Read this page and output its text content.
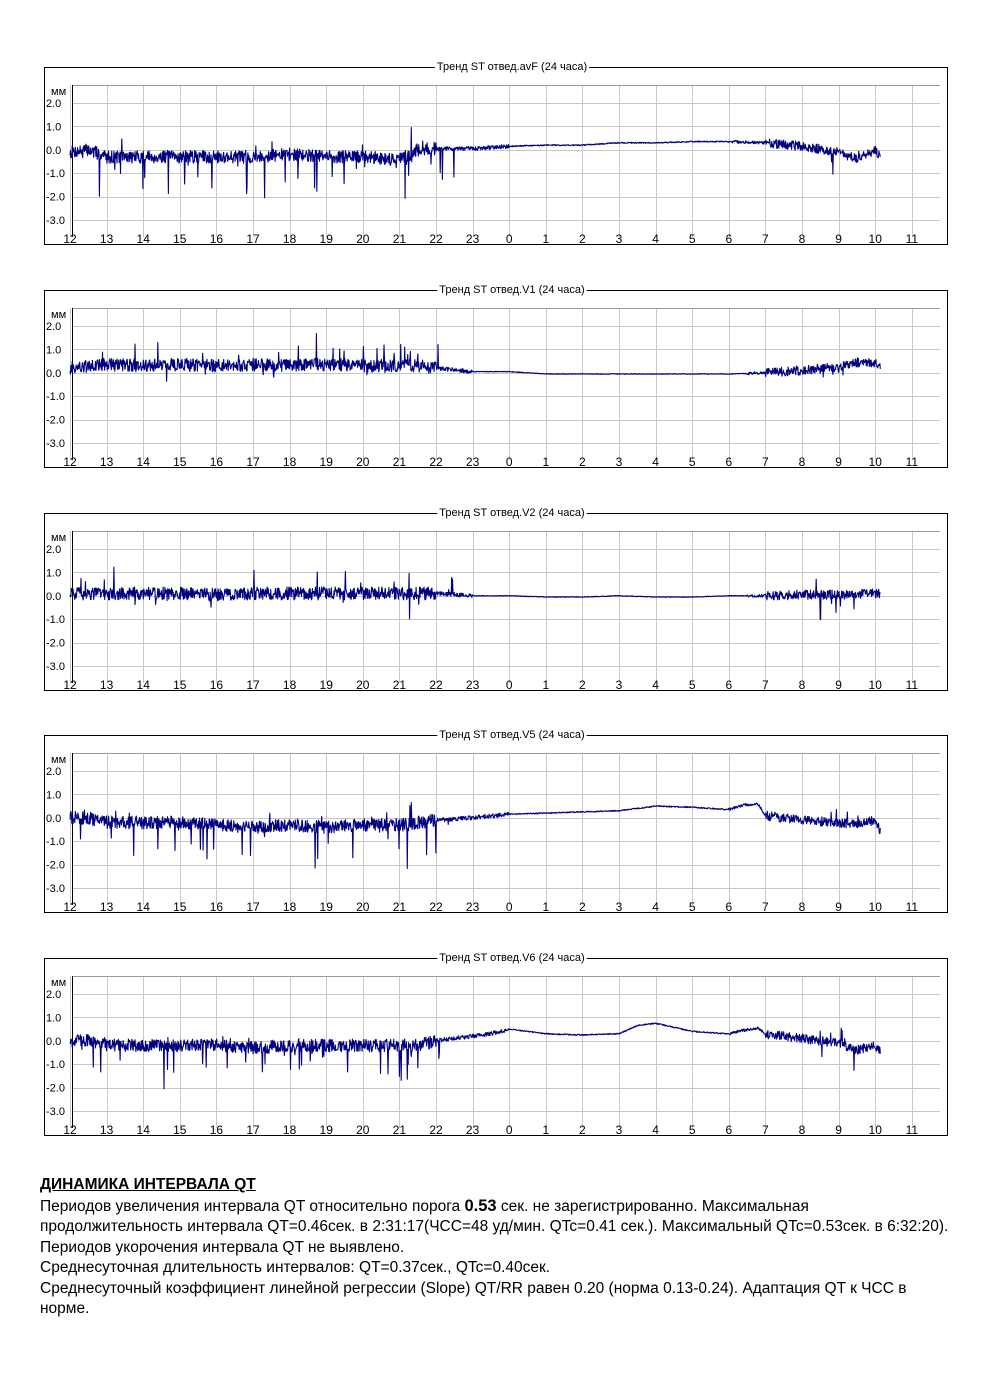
мм
2.0
1.0
0.0
-1.0
-2.0
-3.0
12 13 14 15 16 17 18 19 20 21 22 23 0 1 2 3 4 5 6 7 8 9 10 11
Тренд ST отвед.avF (24 часа)
мм
2.0
1.0
0.0
-1.0
-2.0
-3.0
12 13 14 15 16 17 18 19 20 21 22 23 0 1 2 3 4 5 6 7 8 9 10 11
Тренд ST отвед.V1 (24 часа)
мм
2.0
1.0
0.0
-1.0
-2.0
-3.0
12 13 14 15 16 17 18 19 20 21 22 23 0 1 2 3 4 5 6 7 8 9 10 11
Тренд ST отвед.V2 (24 часа)
мм
2.0
1.0
0.0
-1.0
-2.0
-3.0
12 13 14 15 16 17 18 19 20 21 22 23 0 1 2 3 4 5 6 7 8 9 10 11
Тренд ST отвед.V5 (24 часа)
мм
2.0
1.0
0.0
-1.0
-2.0
-3.0
12 13 14 15 16 17 18 19 20 21 22 23 0 1 2 3 4 5 6 7 8 9 10 11
Тренд ST отвед.V6 (24 часа)

ДИНАМИКА ИНТЕРВАЛА QT

Периодов увеличения интервала QT относительно порога 0.53 сек. не зарегистрированно. Максимальная продолжительность интервала QT=0.46сек. в 2:31:17(ЧСС=48 уд/мин. QTc=0.41 сек.). Максимальный QTc=0.53сек. в 6:32:20).

Периодов укорочения интервала QT не выявлено.

Среднесуточная длительность интервалов: QT=0.37сек., QTc=0.40сек.

Среднесуточный коэффициент линейной регрессии (Slope) QT/RR равен 0.20 (норма 0.13-0.24). Адаптация QT к ЧСС в норме.
